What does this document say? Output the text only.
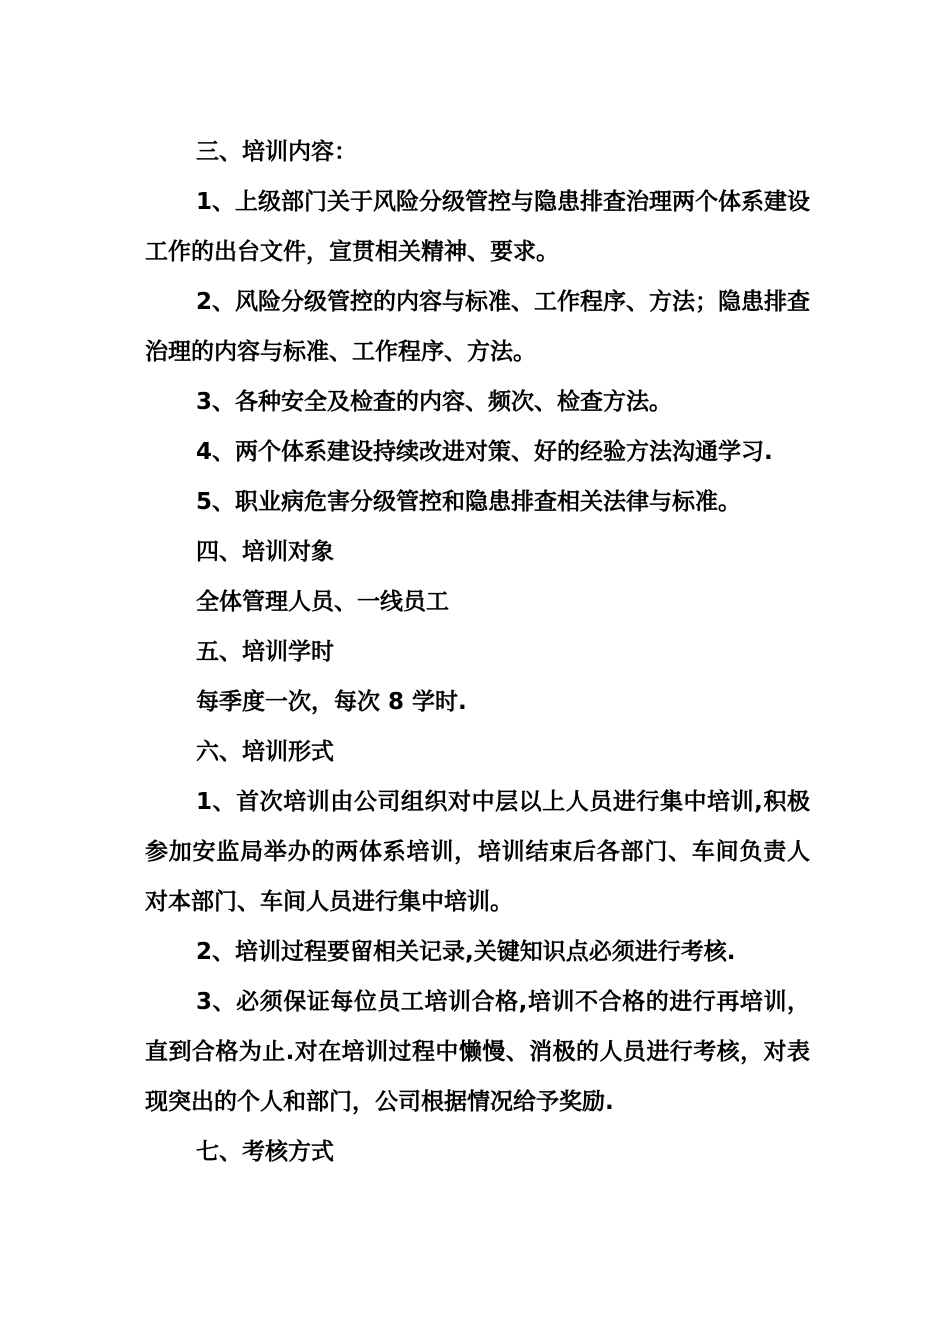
三、培训内容：

1、上级部门关于风险分级管控与隐患排查治理两个体系建设工作的出台文件，宣贯相关精神、要求。

2、风险分级管控的内容与标准、工作程序、方法；隐患排查治理的内容与标准、工作程序、方法。

3、各种安全及检查的内容、频次、检查方法。

4、两个体系建设持续改进对策、好的经验方法沟通学习.

5、职业病危害分级管控和隐患排查相关法律与标准。

四、培训对象

全体管理人员、一线员工

五、培训学时

每季度一次，每次 8 学时.

六、培训形式

1、首次培训由公司组织对中层以上人员进行集中培训,积极参加安监局举办的两体系培训，培训结束后各部门、车间负责人对本部门、车间人员进行集中培训。

2、培训过程要留相关记录,关键知识点必须进行考核.

3、必须保证每位员工培训合格,培训不合格的进行再培训，直到合格为止.对在培训过程中懒慢、消极的人员进行考核，对表现突出的个人和部门，公司根据情况给予奖励.

七、考核方式
